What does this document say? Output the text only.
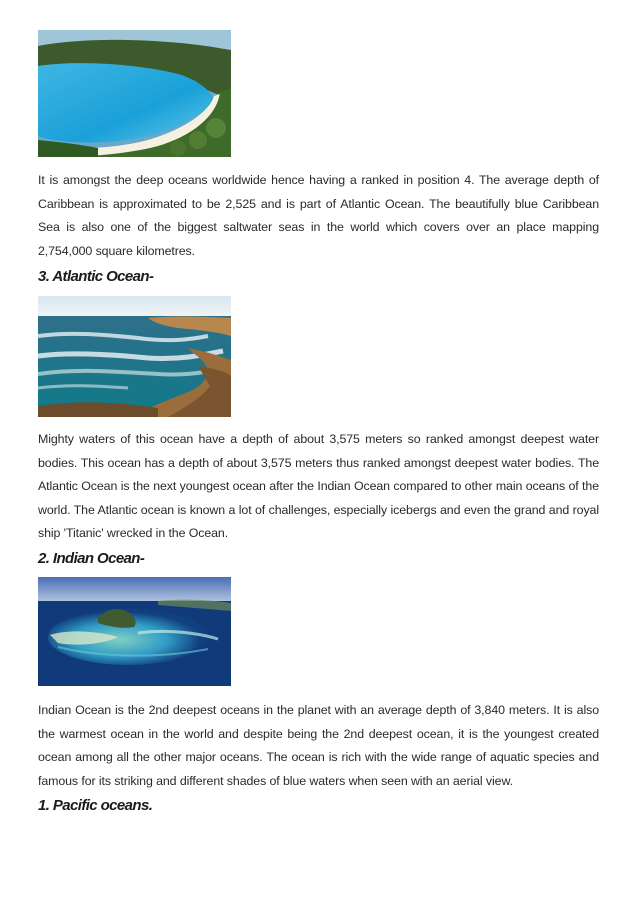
It is amongst the deep oceans worldwide hence having a ranked in position 4. The average depth of Caribbean is approximated to be 2,525 and is part of Atlantic Ocean. The beautifully blue Caribbean Sea is also one of the biggest saltwater seas in the world which covers over an place mapping 2,754,000 square kilometres.

3. Atlantic Ocean-

Mighty waters of this ocean have a depth of about 3,575 meters so ranked amongst deepest water bodies. This ocean has a depth of about 3,575 meters thus ranked amongst deepest water bodies. The Atlantic Ocean is the next youngest ocean after the Indian Ocean compared to other main oceans of the world. The Atlantic ocean is known a lot of challenges, especially icebergs and even the grand and royal ship 'Titanic' wrecked in the Ocean.

2. Indian Ocean-

Indian Ocean is the 2nd deepest oceans in the planet with an average depth of 3,840 meters. It is also the warmest ocean in the world and despite being the 2nd deepest ocean, it is the youngest created ocean among all the other major oceans. The ocean is rich with the wide range of aquatic species and famous for its striking and different shades of blue waters when seen with an aerial view.

1. Pacific oceans.
